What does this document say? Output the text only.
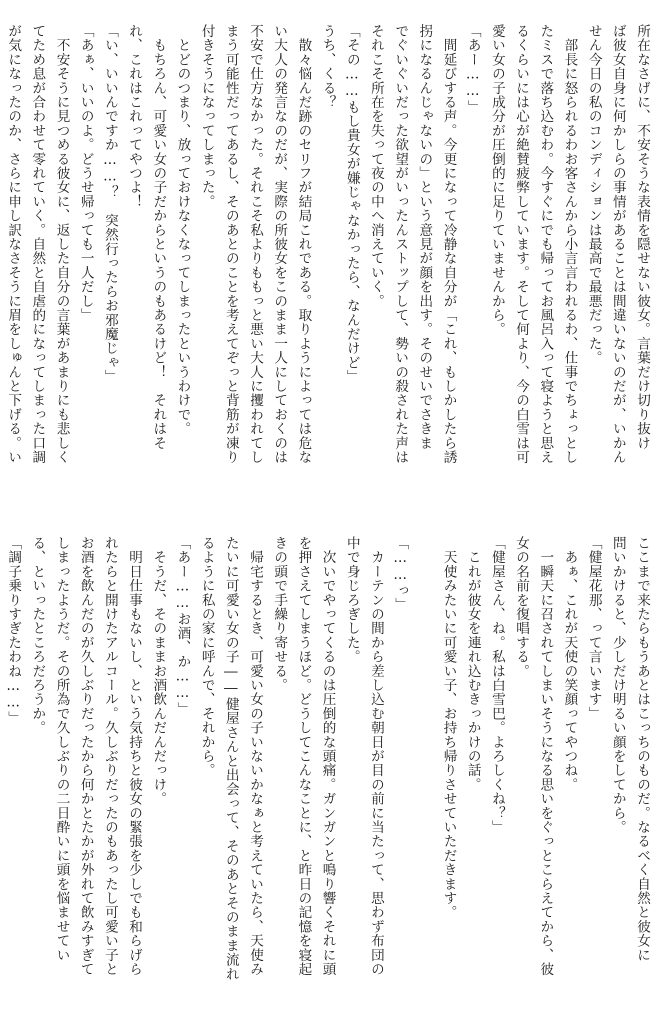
所在なさげに、不安そうな表情を隠せない彼女。言葉だけ切り抜け
ば彼女自身に何かしらの事情があることは間違いないのだが、いかん
せん今日の私のコンディションは最高で最悪だった。
　部長に怒られるわお客さんから小言言われるわ、仕事でちょっとし
たミスで落ち込むわ。今すぐにでも帰ってお風呂入って寝ようと思え
るくらいには心が絶賛疲弊しています。そして何より、今の白雪は可
愛い女の子成分が圧倒的に足りていませんから。
「あー……」
　間延びする声。今更になって冷静な自分が「これ、もしかしたら誘
拐になるんじゃないの」という意見が顔を出す。そのせいでさきま
でぐいぐいだった欲望がいったんストップして、勢いの殺された声は
それこそ所在を失って夜の中へ消えていく。
「その……もし貴女が嫌じゃなかったら、なんだけど」
うち、くる？
　散々悩んだ跡のセリフが結局これである。取りようによっては危な
い大人の発言なのだが、実際の所彼女をこのまま一人にしておくのは
不安で仕方なかった。それこそ私よりももっと悪い大人に攫われてし
まう可能性だってあるし、そのあとのことを考えてぞっと背筋が凍り
付きそうになってしまった。
　とどのつまり、放っておけなくなってしまったというわけで。
　もちろん、可愛い女の子だからというのもあるけど！　それはそ
れ、これはこれってやつよ！
「い、いいんですか……？　突然行ったらお邪魔じゃ」
「あぁ、いいのよ。どうせ帰っても一人だし」
　不安そうに見つめる彼女に、返した自分の言葉があまりにも悲しく
てため息が合わせて零れていく。自然と自虐的になってしまった口調
が気になったのか、さらに申し訳なさそうに眉をしゅんと下げる。い
ここまで来たらもうあとはこっちのものだ。なるべく自然と彼女に
問いかけると、少しだけ明るい顔をしてから。
「健屋花那、って言います」
　あぁ、これが天使の笑顔ってやつね。
　一瞬天に召されてしまいそうになる思いをぐっとこらえてから、彼
女の名前を復唱する。
「健屋さん、ね。私は白雪巴。よろしくね？」
　これが彼女を連れ込むきっかけの話。
　天使みたいに可愛い子、お持ち帰りさせていただきます。
「……っ」
　カーテンの間から差し込む朝日が目の前に当たって、思わず布団の
中で身じろぎした。
　次いでやってくるのは圧倒的な頭痛。ガンガンと鳴り響くそれに頭
を押さえてしまうほど。どうしてこんなことに、と昨日の記憶を寝起
きの頭で手繰り寄せる。
　帰宅するとき、可愛い女の子いないかなぁと考えていたら、天使み
たいに可愛い女の子――健屋さんと出会って、そのあとそのまま流れ
るように私の家に呼んで、それから。
「あー……お酒、か……」
　そうだ、そのままお酒飲んだんだっけ。
　明日仕事もないし、という気持ちと彼女の緊張を少しでも和らげら
れたらと開けたアルコール。久しぶりだったのもあったし可愛い子と
お酒を飲んだのが久しぶりだったから何かとたかが外れて飲みすぎて
しまったようだ。その所為で久しぶりの二日酔いに頭を悩ませてい
る、といったところだろうか。
「調子乗りすぎたわね……」
